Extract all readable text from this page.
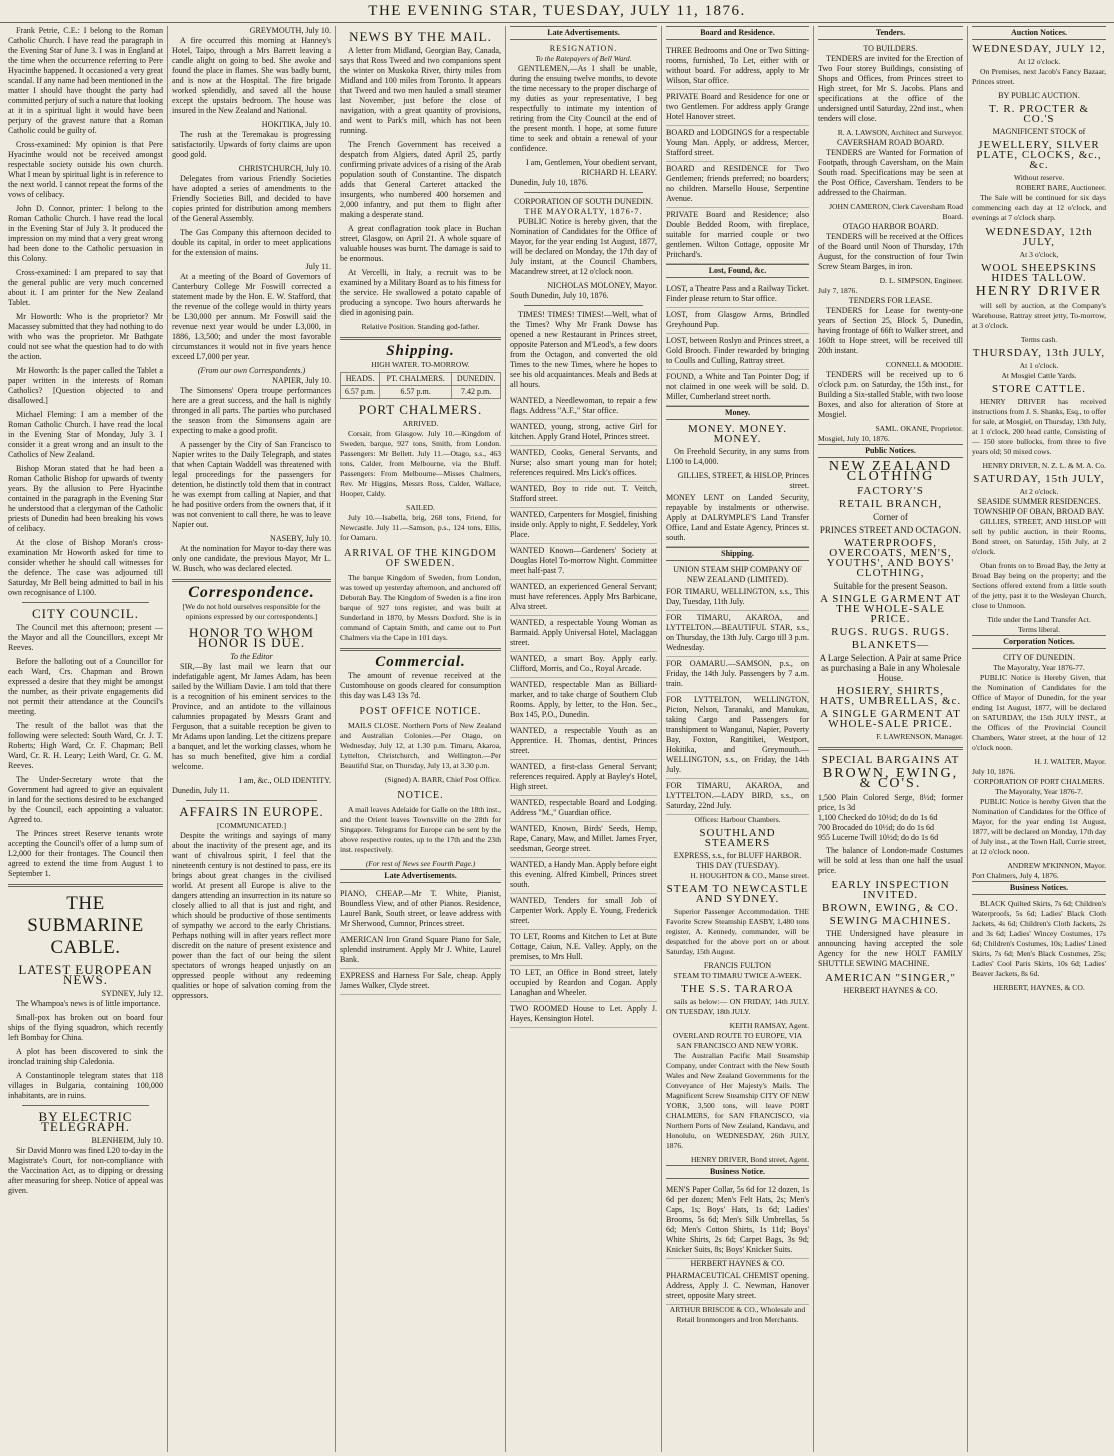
THE EVENING STAR, TUESDAY, JULY 11, 1876.

Frank Petrie, C.E.: I belong to the Roman Catholic Church. I have read the paragraph in the Evening Star of June 3. I was in England at the time when the occurrence referring to Pere Hyacinthe happened. It occasioned a very great scandal. If any name had been mentioned in the matter I should have thought the party had committed perjury of such a nature that looking at it in a spiritual light it would have been perjury of the gravest nature that a Roman Catholic could be guilty of.

Cross-examined: My opinion is that Pere Hyacinthe would not be received amongst respectable society outside his own church. What I mean by spiritual light is in reference to the next world. I cannot repeat the forms of the vows of celibacy.

John D. Connor, printer: I belong to the Roman Catholic Church. I have read the local in the Evening Star of July 3. It produced the impression on my mind that a very great wrong had been done to the Catholic persuasion in this Colony.

Cross-examined: I am prepared to say that the general public are very much concerned about it. I am printer for the New Zealand Tablet.

Mr Howorth: Who is the proprietor? Mr Macassey submitted that they had nothing to do with who was the proprietor. Mr Bathgate could not see what the question had to do with the action.

Mr Howorth: Is the paper called the Tablet a paper written in the interests of Roman Catholics? [Question objected to and disallowed.]

Michael Fleming: I am a member of the Roman Catholic Church. I have read the local in the Evening Star of Monday, July 3. I consider it a great wrong and an insult to the Catholics of New Zealand.

Bishop Moran stated that he had been a Roman Catholic Bishop for upwards of twenty years. By the allusion to Pere Hyacinthe contained in the paragraph in the Evening Star he understood that a clergyman of the Catholic priests of Dunedin had been breaking his vows of celibacy.

At the close of Bishop Moran's cross-examination Mr Howorth asked for time to consider whether he should call witnesses for the defence. The case was adjourned till Saturday, Mr Bell being admitted to bail in his own recognisance of L100.

CITY COUNCIL.

The Council met this afternoon; present — the Mayor and all the Councillors, except Mr Reeves.

Before the balloting out of a Councillor for each Ward, Crs. Chapman and Brown expressed a desire that they might be amongst the number, as their private engagements did not permit their attendance at the Council's meeting.

The result of the ballot was that the following were selected: South Ward, Cr. J. T. Roberts; High Ward, Cr. F. Chapman; Bell Ward, Cr. R. H. Leary; Leith Ward, Cr. G. M. Reeves.

The Under-Secretary wrote that the Government had agreed to give an equivalent in land for the sections desired to be exchanged by the Council, each appointing a valuator. Agreed to.

The Princes street Reserve tenants wrote accepting the Council's offer of a lump sum of L2,000 for their frontages. The Council then agreed to extend the time from August 1 to September 1.

THE SUBMARINE CABLE.
LATEST EUROPEAN NEWS.
SYDNEY, July 12.

The Whampoa's news is of little importance.

Small-pox has broken out on board four ships of the flying squadron, which recently left Bombay for China.

A plot has been discovered to sink the ironclad training ship Caledonia.

A Constantinople telegram states that 118 villages in Bulgaria, containing 100,000 inhabitants, are in ruins.

BY ELECTRIC TELEGRAPH.
BLENHEIM, July 10.

Sir David Monro was fined L20 to-day in the Magistrate's Court, for non-compliance with the Vaccination Act, as to dipping or dressing after measuring for sheep. Notice of appeal was given.

GREYMOUTH, July 10.

A fire occurred this morning at Hanney's Hotel, Taipo, through a Mrs Barrett leaving a candle alight on going to bed. She awoke and found the place in flames. She was badly burnt, and is now at the Hospital. The fire brigade worked splendidly, and saved all the house except the upstairs bedroom. The house was insured in the New Zealand and National.

HOKITIKA, July 10.

The rush at the Teremakau is progressing satisfactorily. Upwards of forty claims are upon good gold.

CHRISTCHURCH, July 10.

Delegates from various Friendly Societies have adopted a series of amendments to the Friendly Societies Bill, and decided to have copies printed for distribution among members of the General Assembly.

The Gas Company this afternoon decided to double its capital, in order to meet applications for the extension of mains.

July 11.

At a meeting of the Board of Governors of Canterbury College Mr Foswill corrected a statement made by the Hon. E. W. Stafford, that the revenue of the college would in thirty years be L30,000 per annum. Mr Foswill said the revenue next year would be under L3,000, in 1886, L3,500; and under the most favorable circumstances it would not in five years hence exceed L7,000 per year.

(From our own Correspondents.)
NAPIER, July 10.

The Simonsens' Opera troupe performances here are a great success, and the hall is nightly thronged in all parts. The parties who purchased the season from the Simonsens again are expecting to make a good profit.

A passenger by the City of San Francisco to Napier writes to the Daily Telegraph, and states that when Captain Waddell was threatened with legal proceedings for the passengers for detention, he distinctly told them that in contract he was exempt from calling at Napier, and that he had positive orders from the owners that, if it was not convenient to call there, he was to leave Napier out.

NASEBY, July 10.

At the nomination for Mayor to-day there was only one candidate, the previous Mayor, Mr L. W. Busch, who was declared elected.

Correspondence.
[We do not hold ourselves responsible for the opinions expressed by our correspondents.]
HONOR TO WHOM HONOR IS DUE.
To the Editor

SIR,—By last mail we learn that our indefatigable agent, Mr James Adam, has been sailed by the William Davie. I am told that there is a recognition of his eminent services to the Province, and an antidote to the villainous calumnies propagated by Messrs Grant and Ferguson, that a suitable reception be given to Mr Adams upon landing. Let the citizens prepare a banquet, and let the working classes, whom he has so much benefited, give him a cordial welcome.

I am, &c., OLD IDENTITY.
Dunedin, July 11.
AFFAIRS IN EUROPE.
[COMMUNICATED.]

Despite the writings and sayings of many about the inactivity of the present age, and its want of chivalrous spirit, I feel that the nineteenth century is not destined to pass, ere its brings about great changes in the civilised world. At present all Europe is alive to the dangers attending an insurrection in its nature so closely allied to all that is just and right, and which should be productive of those sentiments of sympathy we accord to the early Christians. Perhaps nothing will in after years reflect more discredit on the nature of present existence and power than the fact of our being the silent spectators of wrongs heaped unjustly on an oppressed people without any redeeming qualities or hope of salvation coming from the oppressors.

NEWS BY THE MAIL.

A letter from Midland, Georgian Bay, Canada, says that Ross Tweed and two companions spent the winter on Muskoka River, thirty miles from Midland and 100 miles from Toronto. It appears that Tweed and two men hauled a small steamer last November, just before the close of navigation, with a great quantity of provisions, and went to Park's mill, which has not been running.

The French Government has received a despatch from Algiers, dated April 25, partly confirming private advices of a rising of the Arab population south of Constantine. The dispatch adds that General Carteret attacked the insurgents, who numbered 400 horsemen and 2,000 infantry, and put them to flight after making a desperate stand.

A great conflagration took place in Buchan street, Glasgow, on April 21. A whole square of valuable houses was burnt. The damage is said to be enormous.

At Vercelli, in Italy, a recruit was to be examined by a Military Board as to his fitness for the service. He swallowed a potato capable of producing a syncope. Two hours afterwards he died in agonising pain.

Relative Position. Standing god-father.
Shipping.
HIGH WATER. TO-MORROW.
HEADS.	PT. CHALMERS.	DUNEDIN.
6.57 p.m.	6.57 p.m.	7.42 p.m.
PORT CHALMERS.
ARRIVED.

Corsair, from Glasgow. July 10.—Kingdom of Sweden, barque, 927 tons, Smith, from London. Passengers: Mr Bellett. July 11.—Otago, s.s., 463 tons, Calder, from Melbourne, via the Bluff. Passengers: From Melbourne—Misses Chalmers, Rev. Mr Higgins, Messrs Ross, Calder, Wallace, Hooper, Caldy.

SAILED.

July 10.—Isabella, brig, 268 tons, Friend, for Newcastle. July 11.—Samson, p.s., 124 tons, Ellis, for Oamaru.

ARRIVAL OF THE KINGDOM OF SWEDEN.

The barque Kingdom of Sweden, from London, was towed up yesterday afternoon, and anchored off Deborah Bay. The Kingdom of Sweden is a fine iron barque of 927 tons register, and was built at Sunderland in 1870, by Messrs Doxford. She is in command of Captain Smith, and came out to Port Chalmers via the Cape in 101 days.

Commercial.

The amount of revenue received at the Customhouse on goods cleared for consumption this day was L43 13s 7d.

POST OFFICE NOTICE.

MAILS CLOSE. Northern Ports of New Zealand and Australian Colonies.—Per Otago, on Wednesday, July 12, at 1.30 p.m. Timaru, Akaroa, Lyttelton, Christchurch, and Wellington.—Per Beautiful Star, on Thursday, July 13, at 3.30 p.m.

(Signed) A. BARR, Chief Post Office.
NOTICE.

A mail leaves Adelaide for Galle on the 18th inst., and the Orient leaves Townsville on the 28th for Singapore. Telegrams for Europe can be sent by the above respective routes, up to the 17th and the 23th inst. respectively.

(For rest of News see Fourth Page.)
Late Advertisements.
PIANO, CHEAP.—Mr T. White, Pianist, Boundless View, and of other Pianos. Residence, Laurel Bank, South street, or leave address with Mr Sherwood, Cumnor, Princes street.
AMERICAN Iron Grand Square Piano for Sale, splendid instrument. Apply Mr J. White, Laurel Bank.
EXPRESS and Harness For Sale, cheap. Apply James Walker, Clyde street.
Late Advertisements.
RESIGNATION.
To the Ratepayers of Bell Ward.

GENTLEMEN,—As I shall be unable, during the ensuing twelve months, to devote the time necessary to the proper discharge of my duties as your representative, I beg respectfully to intimate my intention of retiring from the City Council at the end of the present month. I hope, at some future time to seek and obtain a renewal of your confidence.

I am, Gentlemen, Your obedient servant, RICHARD H. LEARY.
Dunedin, July 10, 1876.
CORPORATION OF SOUTH DUNEDIN.
THE MAYORALTY, 1876-7.

PUBLIC Notice is hereby given, that the Nomination of Candidates for the Office of Mayor, for the year ending 1st August, 1877, will be declared on Monday, the 17th day of July instant, at the Council Chambers, Macandrew street, at 12 o'clock noon.

NICHOLAS MOLONEY, Mayor.
South Dunedin, July 10, 1876.

TIMES! TIMES! TIMES!—Well, what of the Times? Why Mr Frank Dowse has opened a new Restaurant in Princes street, opposite Paterson and M'Leod's, a few doors from the Octagon, and converted the old Times to the new Times, where he hopes to see his old acquaintances. Meals and Beds at all hours.

WANTED, a Needlewoman, to repair a few flags. Address "A.F.," Star office.
WANTED, young, strong, active Girl for kitchen. Apply Grand Hotel, Princes street.
WANTED, Cooks, General Servants, and Nurse; also smart young man for hotel; references required. Mrs Lick's offices.
WANTED, Boy to ride out. T. Veitch, Stafford street.
WANTED, Carpenters for Mosgiel, finishing inside only. Apply to night, F. Seddeley, York Place.
WANTED Known—Gardeners' Society at Douglas Hotel To-morrow Night. Committee meet half-past 7.
WANTED, an experienced General Servant; must have references. Apply Mrs Barbicane, Alva street.
WANTED, a respectable Young Woman as Barmaid. Apply Universal Hotel, Maclaggan street.
WANTED, a smart Boy. Apply early. Clifford, Morris, and Co., Royal Arcade.
WANTED, respectable Man as Billiard-marker, and to take charge of Southern Club Rooms. Apply, by letter, to the Hon. Sec., Box 145, P.O., Dunedin.
WANTED, a respectable Youth as an Apprentice. H. Thomas, dentist, Princes street.
WANTED, a first-class General Servant; references required. Apply at Bayley's Hotel, High street.
WANTED, respectable Board and Lodging. Address "M.," Guardian office.
WANTED, Known, Birds' Seeds, Hemp, Rape, Canary, Maw, and Millet. James Fryer, seedsman, George street.
WANTED, a Handy Man. Apply before eight this evening. Alfred Kimbell, Princes street south.
WANTED, Tenders for small Job of Carpenter Work. Apply E. Young, Frederick street.
TO LET, Rooms and Kitchen to Let at Bute Cottage, Caiun, N.E. Valley. Apply, on the premises, to Mrs Hull.
TO LET, an Office in Bond street, lately occupied by Reardon and Cogan. Apply Lanaghan and Wheeler.
TWO ROOMED House to Let. Apply J. Hayes, Kensington Hotel.
Board and Residence.
THREE Bedrooms and One or Two Sitting-rooms, furnished, To Let, either with or without board. For address, apply to Mr Wilson, Star office.
PRIVATE Board and Residence for one or two Gentlemen. For address apply Grange Hotel Hanover street.
BOARD and LODGINGS for a respectable Young Man. Apply, or address, Mercer, Stafford street.
BOARD and RESIDENCE for Two Gentlemen; friends preferred; no boarders; no children. Marsello House, Serpentine Avenue.
PRIVATE Board and Residence; also Double Bedded Room, with fireplace, suitable for married couple or two gentlemen. Wilton Cottage, opposite Mr Pritchard's.
Lost, Found, &c.
LOST, a Theatre Pass and a Railway Ticket. Finder please return to Star office.
LOST, from Glasgow Arms, Brindled Greyhound Pup.
LOST, between Roslyn and Princes street, a Gold Brooch. Finder rewarded by bringing to Coulls and Culling, Rattray street.
FOUND, a White and Tan Pointer Dog; if not claimed in one week will be sold. D. Miller, Cumberland street north.
Money.
MONEY. MONEY. MONEY.

On Freehold Security, in any sums from L100 to L4,000.

GILLIES, STREET, & HISLOP, Princes street.
MONEY LENT on Landed Security, repayable by instalments or otherwise. Apply at DALRYMPLE'S Land Transfer Office, Land and Estate Agency, Princes st. south.
Shipping.
UNION STEAM SHIP COMPANY OF NEW ZEALAND (LIMITED).
FOR TIMARU, WELLINGTON, s.s., This Day, Tuesday, 11th July.
FOR TIMARU, AKAROA, and LYTTELTON.—BEAUTIFUL STAR, s.s., on Thursday, the 13th July. Cargo till 3 p.m. Wednesday.
FOR OAMARU.—SAMSON, p.s., on Friday, the 14th July. Passengers by 7 a.m. train.
FOR LYTTELTON, WELLINGTON, Picton, Nelson, Taranaki, and Manukau, taking Cargo and Passengers for transhipment to Wanganui, Napier, Poverty Bay, Foxton, Rangitikei, Westport, Hokitika, and Greymouth.—WELLINGTON, s.s., on Friday, the 14th July.
FOR TIMARU, AKAROA, and LYTTELTON.—LADY BIRD, s.s., on Saturday, 22nd July.
Offices: Harbour Chambers.
SOUTHLAND STEAMERS
EXPRESS, s.s., for BLUFF HARBOR.
THIS DAY (TUESDAY).
H. HOUGHTON & CO., Manse street.
STEAM TO NEWCASTLE AND SYDNEY.

Superior Passenger Accommodation. THE Favorite Screw Steamship EASBY, 1,480 tons register, A. Kennedy, commander, will be despatched for the above port on or about Saturday, 15th August.

FRANCIS FULTON
STEAM TO TIMARU TWICE A-WEEK.
THE S.S. TARAROA

sails as below:— ON FRIDAY, 14th JULY. ON TUESDAY, 18th JULY.

KEITH RAMSAY, Agent.
OVERLAND ROUTE TO EUROPE, VIA SAN FRANCISCO AND NEW YORK.

The Australian Pacific Mail Steamship Company, under Contract with the New South Wales and New Zealand Governments for the Conveyance of Her Majesty's Mails. The Magnificent Screw Steamship CITY OF NEW YORK, 3,500 tons, will leave PORT CHALMERS, for SAN FRANCISCO, via Northern Ports of New Zealand, Kandavu, and Honolulu, on WEDNESDAY, 26th JULY, 1876.

HENRY DRIVER, Bond street, Agent.
Business Notice.
MEN'S Paper Collar, 5s 6d for 12 dozen, 1s 6d per dozen; Men's Felt Hats, 2s; Men's Caps, 1s; Boys' Hats, 1s 6d; Ladies' Brooms, 5s 6d; Men's Silk Umbrellas, 5s 6d; Men's Cotton Shirts, 1s 11d; Boys' White Shirts, 2s 6d; Carpet Bags, 3s 9d; Knicker Suits, 8s; Boys' Knicker Suits.
HERBERT HAYNES & CO.
PHARMACEUTICAL CHEMIST opening. Address, Apply J. C. Newman, Hanover street, opposite Mary street.
ARTHUR BRISCOE & CO., Wholesale and Retail Ironmongers and Iron Merchants.
Tenders.
TO BUILDERS.

TENDERS are invited for the Erection of Two Four storey Buildings, consisting of Shops and Offices, from Princes street to High street, for Mr S. Jacobs. Plans and specifications at the office of the undersigned until Saturday, 22nd inst., when tenders will close.

R. A. LAWSON, Architect and Surveyor.
CAVERSHAM ROAD BOARD.

TENDERS are Wanted for Formation of Footpath, through Caversham, on the Main South road. Specifications may be seen at the Post Office, Caversham. Tenders to be addressed to the Chairman.

JOHN CAMERON, Clerk Caversham Road Board.
OTAGO HARBOR BOARD.

TENDERS will be received at the Offices of the Board until Noon of Thursday, 17th August, for the construction of four Twin Screw Steam Barges, in iron.

D. L. SIMPSON, Engineer.
July 7, 1876.
TENDERS FOR LEASE.

TENDERS for Lease for twenty-one years of Section 25, Block 5, Dunedin, having frontage of 66ft to Walker street, and 160ft to Hope street, will be received till 20th instant.

CONNELL & MOODIE.

TENDERS will be received up to 6 o'clock p.m. on Saturday, the 15th inst., for Building a Six-stalled Stable, with two loose Boxes, and also for alteration of Store at Mosgiel.

SAML. OKANE, Proprietor.
Mosgiel, July 10, 1876.
Public Notices.
NEW ZEALAND CLOTHING
FACTORY'S
RETAIL BRANCH,
Corner of
PRINCES STREET AND OCTAGON.
WATERPROOFS, OVERCOATS, MEN'S, YOUTHS', AND BOYS' CLOTHING,
Suitable for the present Season.
A SINGLE GARMENT AT THE WHOLE-SALE PRICE.
RUGS. RUGS. RUGS.
BLANKETS—
A Large Selection. A Pair at same Price as purchasing a Bale in any Wholesale House.
HOSIERY, SHIRTS, HATS, UMBRELLAS, &c.
A SINGLE GARMENT AT WHOLE-SALE PRICE.
F. LAWRENSON, Manager.
SPECIAL BARGAINS AT
BROWN, EWING, & CO'S.
1,500 Plain Colored Serge, 8½d; former price, 1s 3d
1,100 Checked do 10½d; do do 1s 6d
700 Brocaded do 10½d; do do 1s 6d
955 Lucerne Twill 10½d; do do 1s 6d

The balance of London-made Costumes will be sold at less than one half the usual price.

EARLY INSPECTION INVITED.
BROWN, EWING, & CO.
SEWING MACHINES.

THE Undersigned have pleasure in announcing having accepted the sole Agency for the new HOLT FAMILY SHUTTLE SEWING MACHINE.

AMERICAN "SINGER,"
HERBERT HAYNES & CO.
Auction Notices.
WEDNESDAY, JULY 12,
At 12 o'clock.

On Premises, next Jacob's Fancy Bazaar, Princes street.

BY PUBLIC AUCTION.
T. R. PROCTER & CO.'S
MAGNIFICENT STOCK of
JEWELLERY, SILVER PLATE, CLOCKS, &c., &c.
Without reserve.
ROBERT BARE, Auctioneer.

The Sale will be continued for six days commencing each day at 12 o'clock, and evenings at 7 o'clock sharp.

WEDNESDAY, 12th JULY,
At 3 o'clock,
WOOL SHEEPSKINS HIDES TALLOW.
HENRY DRIVER

will sell by auction, at the Company's Warehouse, Rattray street jetty, To-morrow, at 3 o'clock.

Terms cash.
THURSDAY, 13th JULY,
At 1 o'clock.
At Mosgiel Cattle Yards.
STORE CATTLE.

HENRY DRIVER has received instructions from J. S. Shanks, Esq., to offer for sale, at Mosgiel, on Thursday, 13th July, at 1 o'clock, 200 head cattle, Consisting of— 150 store bullocks, from three to five years old; 50 mixed cows.

HENRY DRIVER, N. Z. L. & M. A. Co.
SATURDAY, 15th JULY,
At 2 o'clock.
SEASIDE SUMMER RESIDENCES.
TOWNSHIP OF OBAN, BROAD BAY.

GILLIES, STREET, AND HISLOP will sell by public auction, in their Rooms, Bond street, on Saturday, 15th July, at 2 o'clock.

Oban fronts on to Broad Bay, the Jetty at Broad Bay being on the property; and the Sections offered extend from a little south of the jetty, past it to the Wesleyan Church, close to Unmoon.

Title under the Land Transfer Act.
Terms liberal.
Corporation Notices.
CITY OF DUNEDIN.
The Mayoralty, Year 1876-77.

PUBLIC Notice is Hereby Given, that the Nomination of Candidates for the Office of Mayor of Dunedin, for the year ending 1st August, 1877, will be declared on SATURDAY, the 15th JULY INST., at the Offices of the Provincial Council Chambers, Water street, at the hour of 12 o'clock noon.

H. J. WALTER, Mayor.
July 10, 1876.
CORPORATION OF PORT CHALMERS.
The Mayoralty, Year 1876-7.

PUBLIC Notice is hereby Given that the Nomination of Candidates for the Office of Mayor, for the year ending 1st August, 1877, will be declared on Monday, 17th day of July inst., at the Town Hall, Currie street, at 12 o'clock noon.

ANDREW M'KINNON, Mayor.
Port Chalmers, July 4, 1876.
Business Notices.

BLACK Quilted Skirts, 7s 6d; Children's Waterproofs, 5s 6d; Ladies' Black Cloth Jackets, 4s 6d; Children's Cloth Jackets, 2s and 3s 6d; Ladies' Wincey Costumes, 17s 6d; Children's Costumes, 10s; Ladies' Lined Skirts, 7s 6d; Men's Black Costumes, 25s; Ladies' Cool Paris Skirts, 10s 6d; Ladies' Beaver Jackets, 8s 6d.

HERBERT, HAYNES, & CO.
